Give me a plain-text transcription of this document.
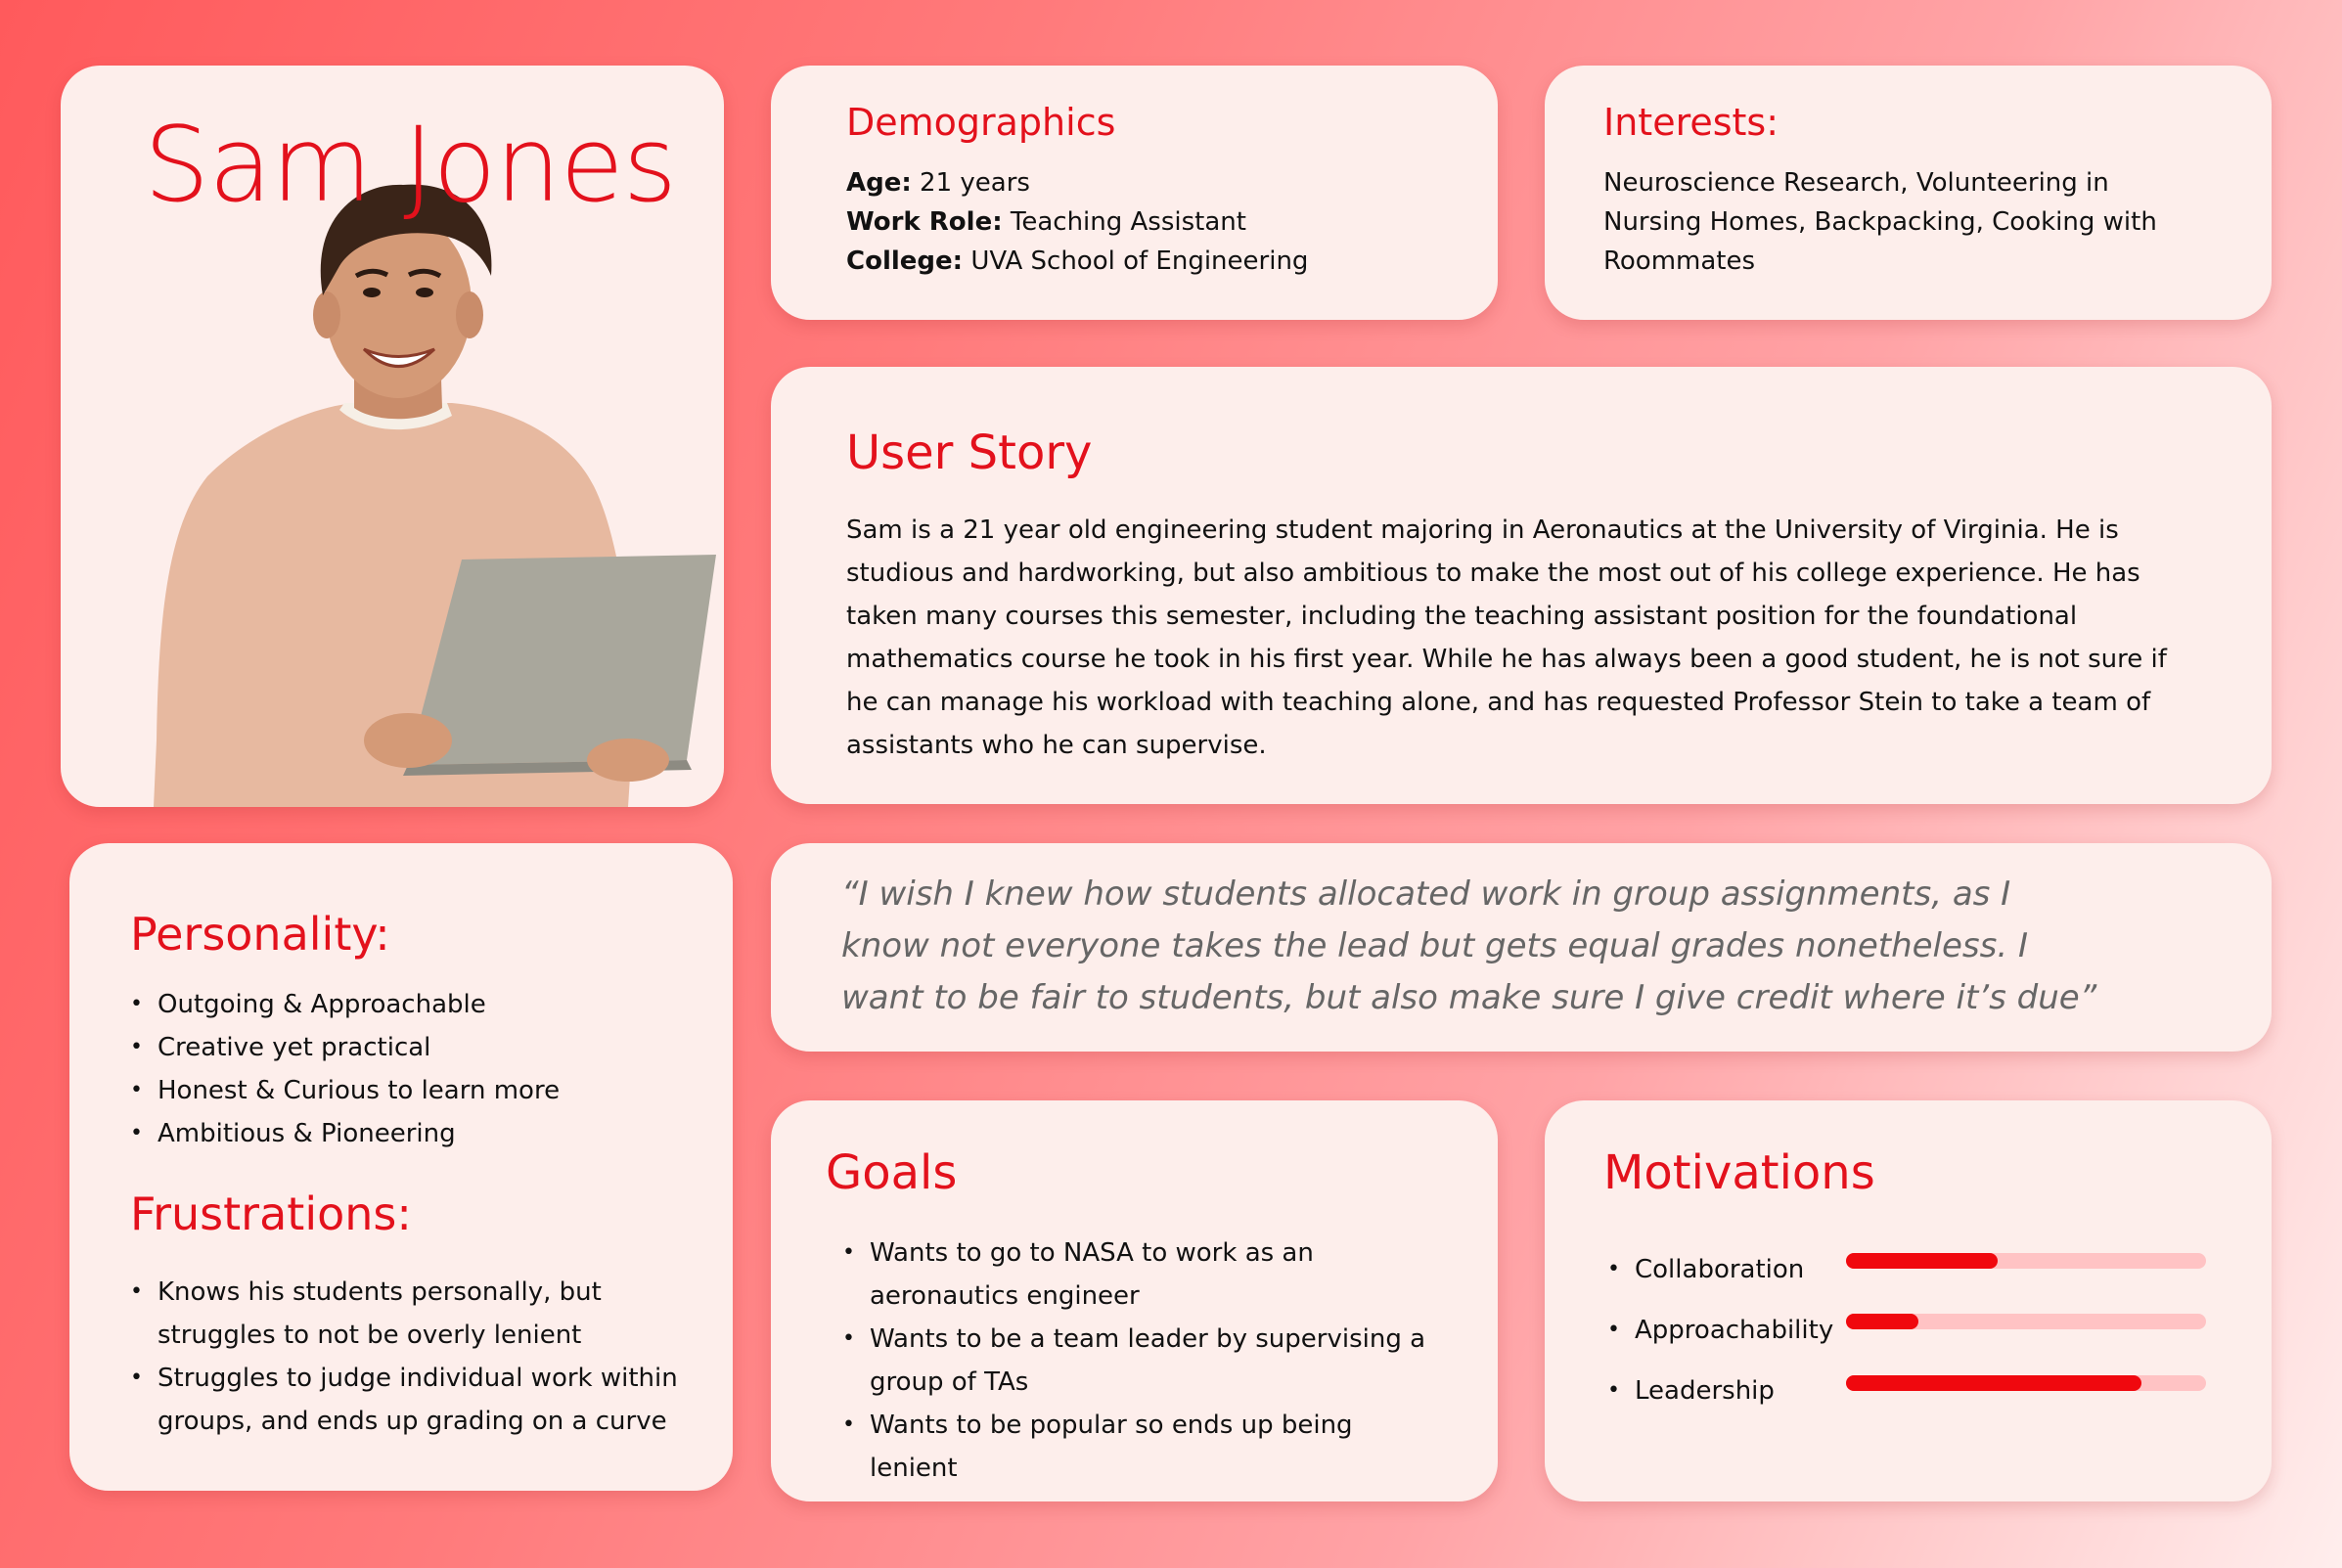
Sam Jones	Demographics
Age: 21 years
Work Role: Teaching Assistant
College: UVA School of Engineering
Interests:
Neuroscience Research, Volunteering in Nursing Homes, Backpacking, Cooking with Roommates
User Story
Sam is a 21 year old engineering student majoring in Aeronautics at the University of Virginia. He is studious and hardworking, but also ambitious to make the most out of his college experience. He has taken many courses this semester, including the teaching assistant position for the foundational mathematics course he took in his first year. While he has always been a good student, he is not sure if he can manage his workload with teaching alone, and has requested Professor Stein to take a team of assistants who he can supervise.
“I wish I knew how students allocated work in group assignments, as I know not everyone takes the lead but gets equal grades nonetheless. I want to be fair to students, but also make sure I give credit where it’s due”
Personality:
• Outgoing & Approachable
• Creative yet practical
• Honest & Curious to learn more
• Ambitious & Pioneering
Frustrations:
• Knows his students personally, but struggles to not be overly lenient
• Struggles to judge individual work within groups, and ends up grading on a curve
Goals
• Wants to go to NASA to work as an aeronautics engineer
• Wants to be a team leader by supervising a group of TAs
• Wants to be popular so ends up being lenient
Motivations
• Collaboration
• Approachability
• Leadership
